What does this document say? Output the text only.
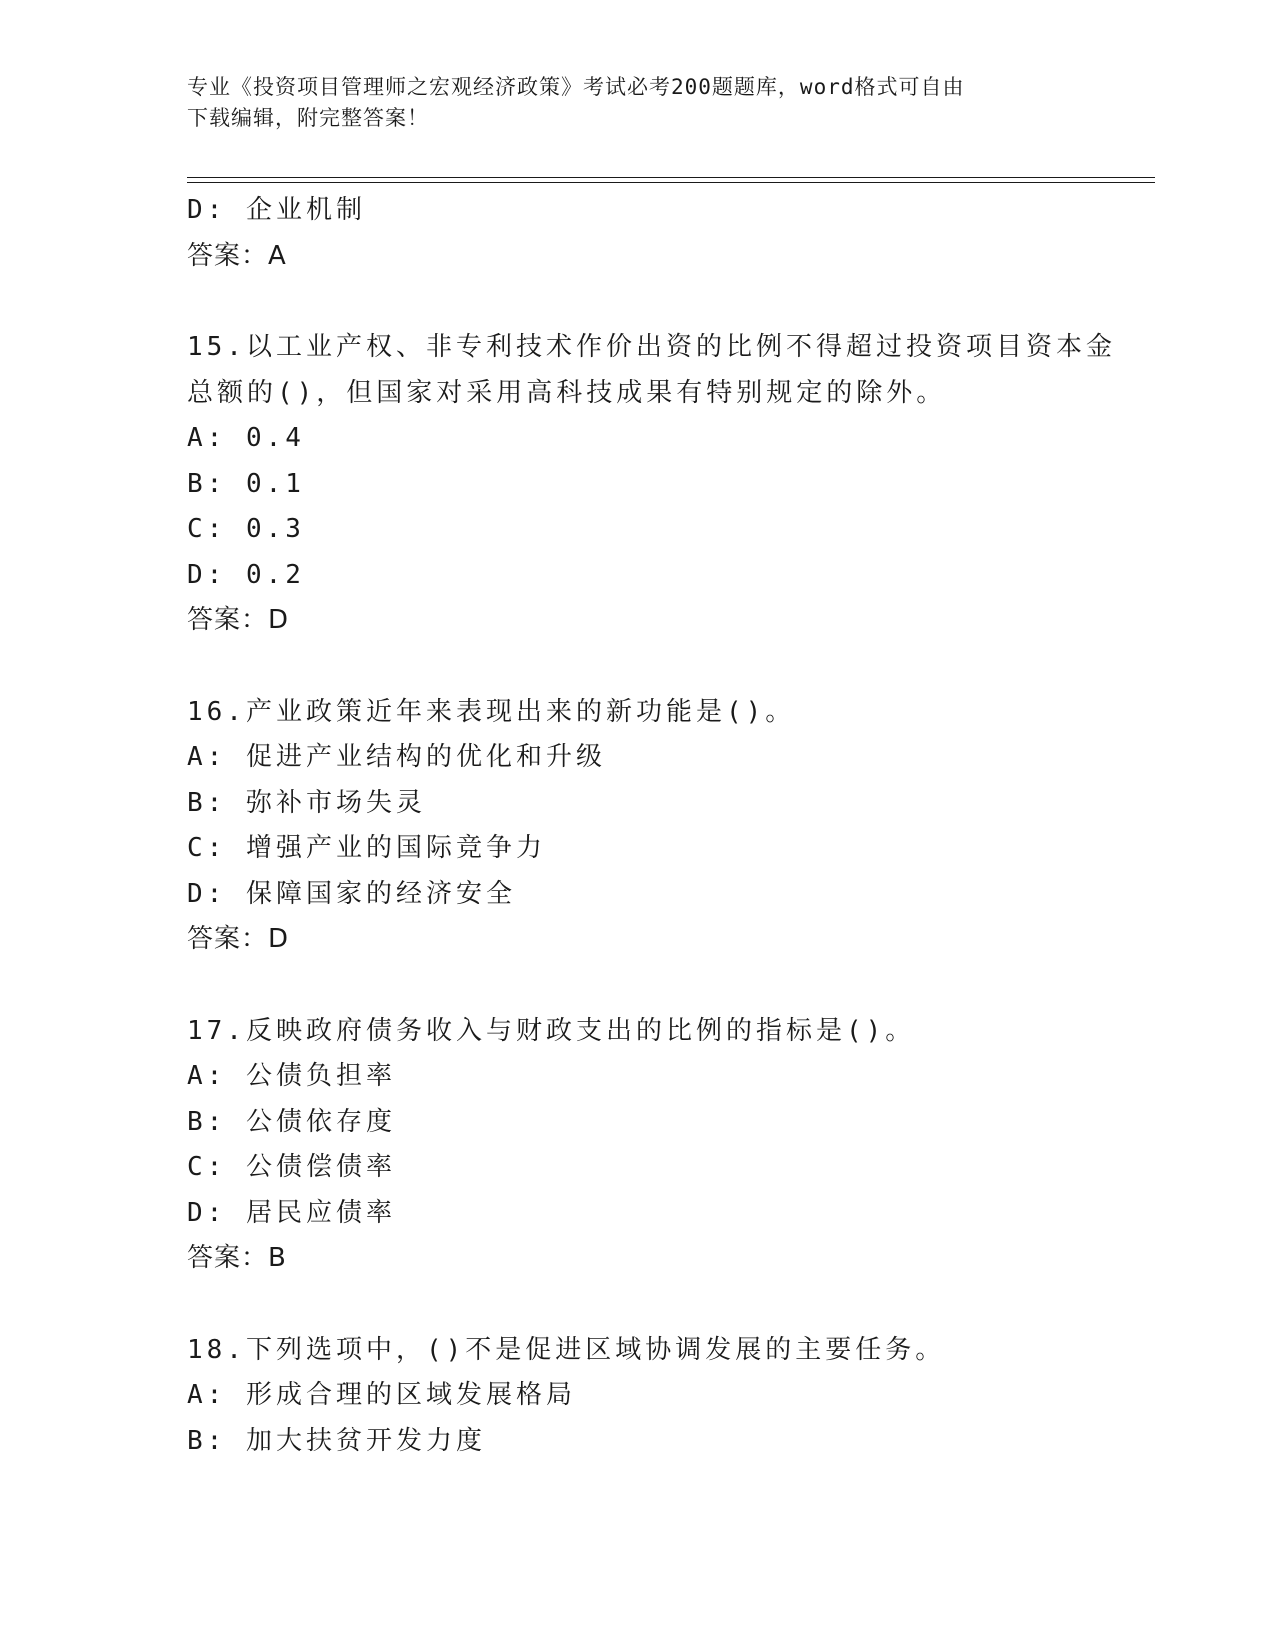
专业《投资项目管理师之宏观经济政策》考试必考200题题库，word格式可自由
下载编辑，附完整答案！
D: 企业机制
答案：A
15.以工业产权、非专利技术作价出资的比例不得超过投资项目资本金
总额的()，但国家对采用高科技成果有特别规定的除外。
A: 0.4
B: 0.1
C: 0.3
D: 0.2
答案：D
16.产业政策近年来表现出来的新功能是()。
A: 促进产业结构的优化和升级
B: 弥补市场失灵
C: 增强产业的国际竞争力
D: 保障国家的经济安全
答案：D
17.反映政府债务收入与财政支出的比例的指标是()。
A: 公债负担率
B: 公债依存度
C: 公债偿债率
D: 居民应债率
答案：B
18.下列选项中，()不是促进区域协调发展的主要任务。
A: 形成合理的区域发展格局
B: 加大扶贫开发力度
